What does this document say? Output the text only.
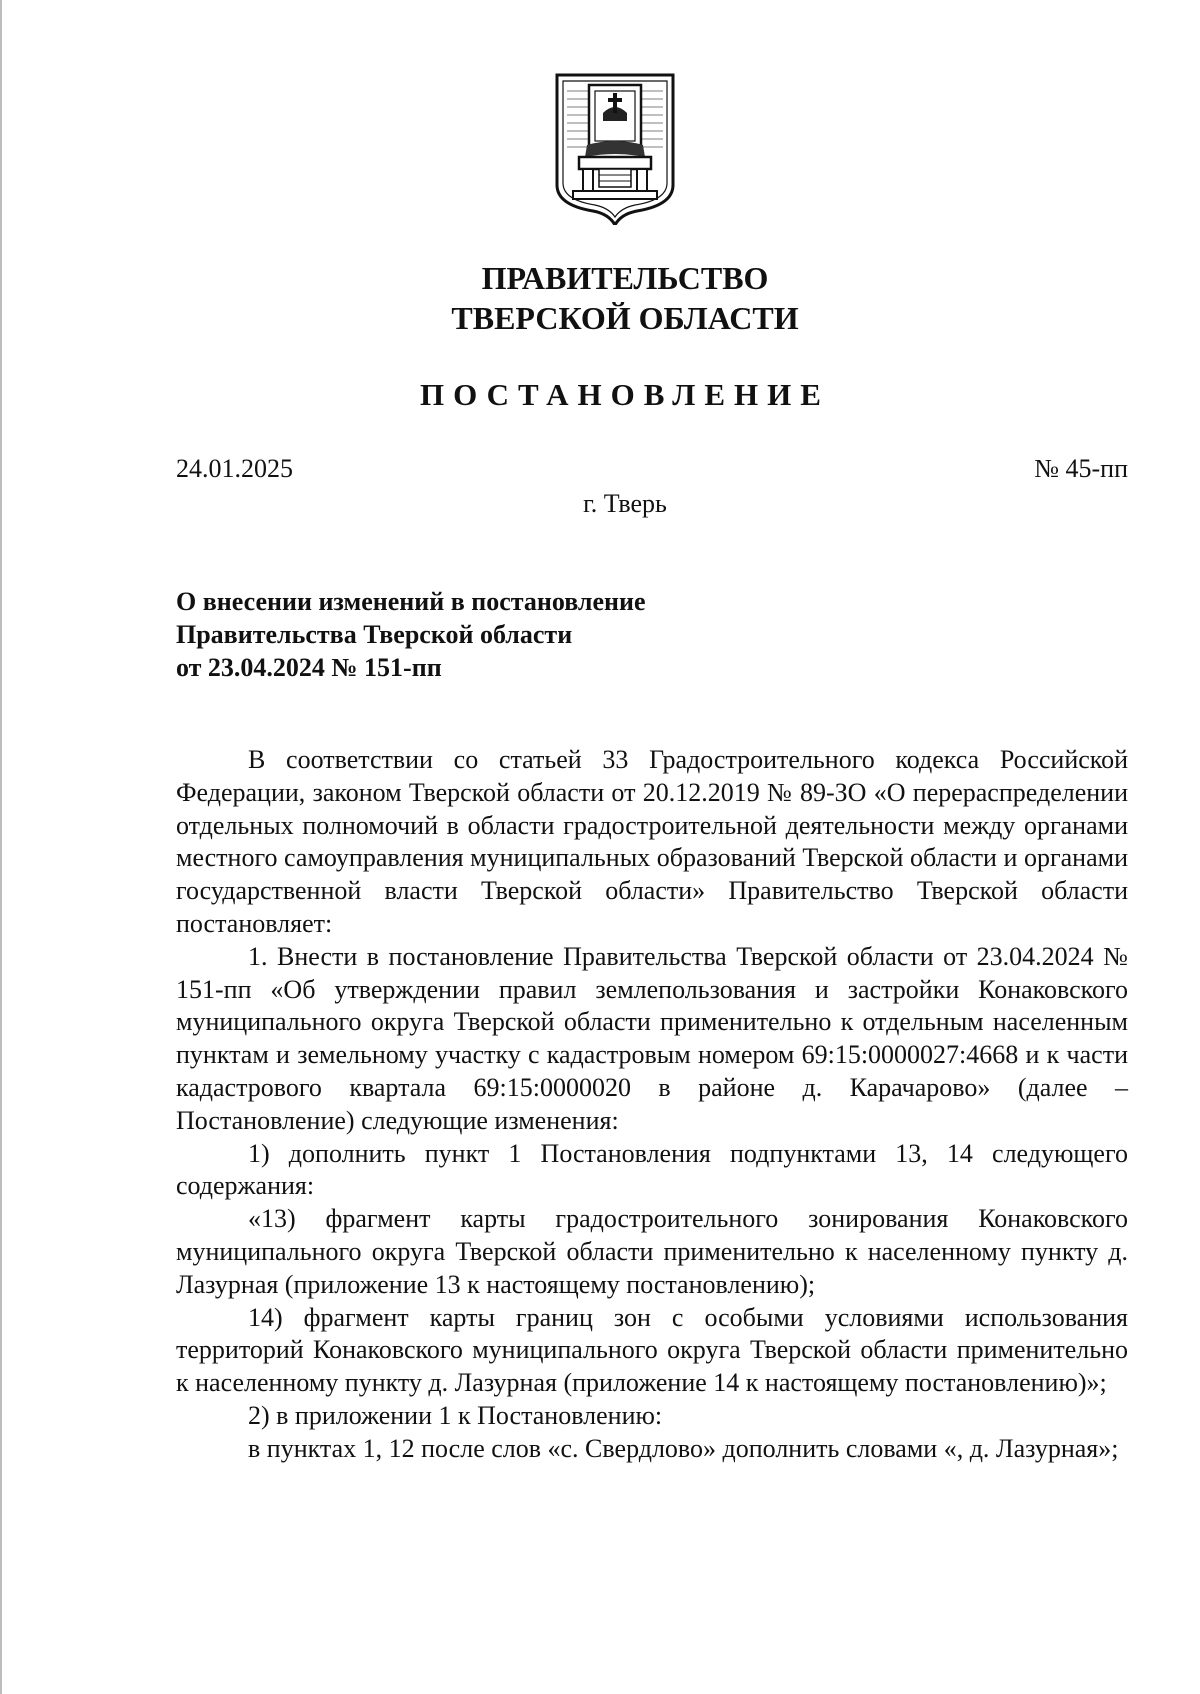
ПРАВИТЕЛЬСТВО
ТВЕРСКОЙ ОБЛАСТИ
ПОСТАНОВЛЕНИЕ
24.01.2025	№ 45-пп
г. Тверь
О внесении изменений в постановление
Правительства Тверской области
от 23.04.2024 № 151-пп

В соответствии со статьей 33 Градостроительного кодекса Российской Федерации, законом Тверской области от 20.12.2019 № 89-ЗО «О перераспределении отдельных полномочий в области градостроительной деятельности между органами местного самоуправления муниципальных образований Тверской области и органами государственной власти Тверской области» Правительство Тверской области постановляет:

1. Внести в постановление Правительства Тверской области от 23.04.2024 № 151-пп «Об утверждении правил землепользования и застройки Конаковского муниципального округа Тверской области применительно к отдельным населенным пунктам и земельному участку с кадастровым номером 69:15:0000027:4668 и к части кадастрового квартала 69:15:0000020 в районе д. Карачарово» (далее – Постановление) следующие изменения:

1) дополнить пункт 1 Постановления подпунктами 13, 14 следующего содержания:

«13) фрагмент карты градостроительного зонирования Конаковского муниципального округа Тверской области применительно к населенному пункту д. Лазурная (приложение 13 к настоящему постановлению);

14) фрагмент карты границ зон с особыми условиями использования территорий Конаковского муниципального округа Тверской области применительно к населенному пункту д. Лазурная (приложение 14 к настоящему постановлению)»;

2) в приложении 1 к Постановлению:

в пунктах 1, 12 после слов «с. Свердлово» дополнить словами «, д. Лазурная»;
